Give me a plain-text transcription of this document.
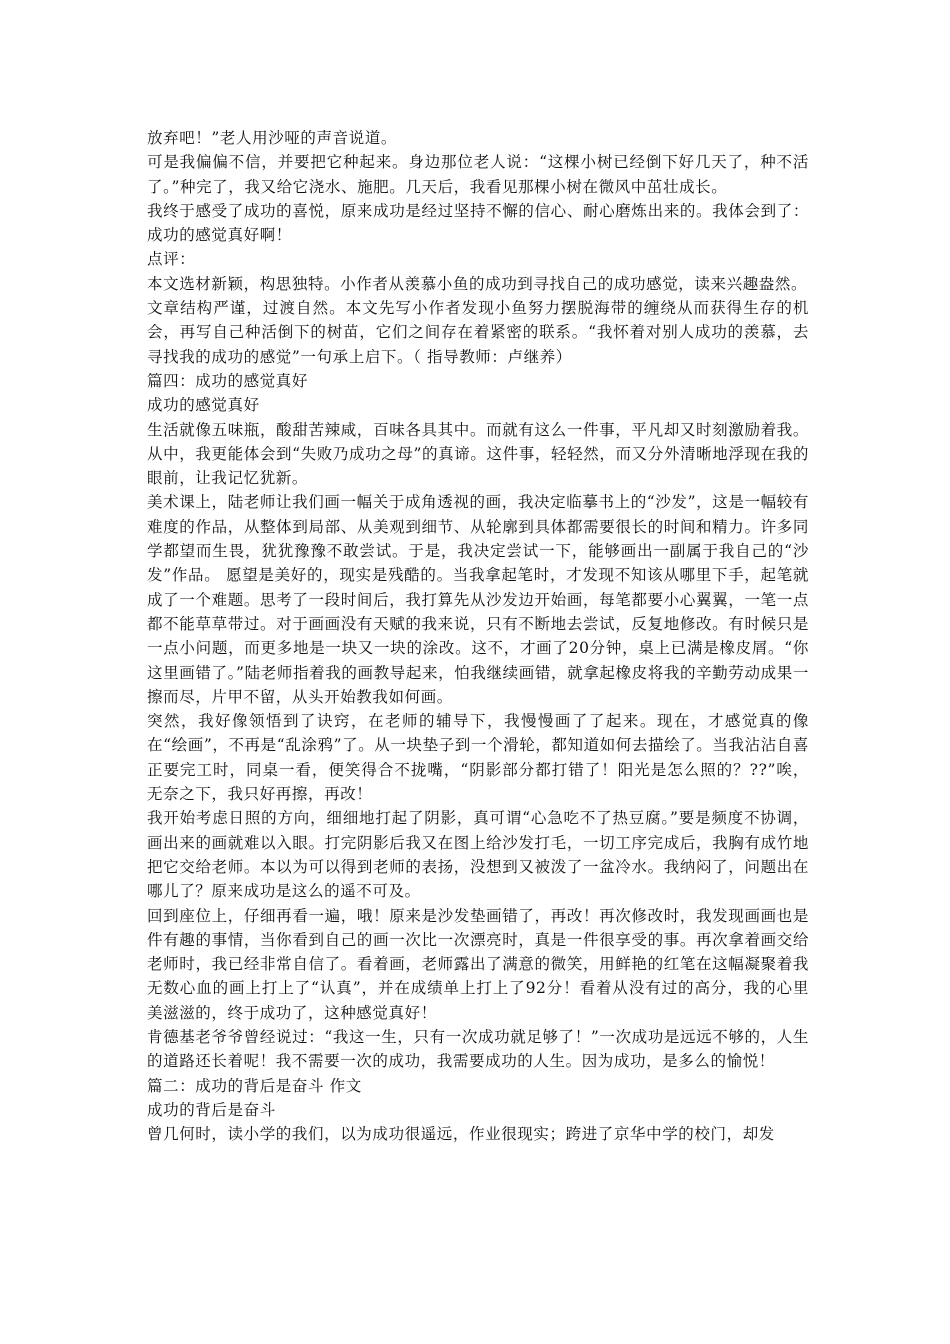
放弃吧！”老人用沙哑的声音说道。

可是我偏偏不信，并要把它种起来。身边那位老人说：“这棵小树已经倒下好几天了，种不活了。”种完了，我又给它浇水、施肥。几天后，我看见那棵小树在微风中茁壮成长。

我终于感受了成功的喜悦，原来成功是经过坚持不懈的信心、耐心磨炼出来的。我体会到了：成功的感觉真好啊！

点评：

本文选材新颖，构思独特。小作者从羡慕小鱼的成功到寻找自己的成功感觉，读来兴趣盎然。

文章结构严谨，过渡自然。本文先写小作者发现小鱼努力摆脱海带的缠绕从而获得生存的机会，再写自己种活倒下的树苗，它们之间存在着紧密的联系。“我怀着对别人成功的羡慕，去寻找我的成功的感觉”一句承上启下。（ 指导教师：卢继养）

篇四：成功的感觉真好

成功的感觉真好

生活就像五味瓶，酸甜苦辣咸，百味各具其中。而就有这么一件事，平凡却又时刻激励着我。从中，我更能体会到“失败乃成功之母”的真谛。这件事，轻轻然，而又分外清晰地浮现在我的眼前，让我记忆犹新。

美术课上，陆老师让我们画一幅关于成角透视的画，我决定临摹书上的“沙发”，这是一幅较有难度的作品，从整体到局部、从美观到细节、从轮廓到具体都需要很长的时间和精力。许多同学都望而生畏，犹犹豫豫不敢尝试。于是，我决定尝试一下，能够画出一副属于我自己的“沙发”作品。 愿望是美好的，现实是残酷的。当我拿起笔时，才发现不知该从哪里下手，起笔就成了一个难题。思考了一段时间后，我打算先从沙发边开始画，每笔都要小心翼翼，一笔一点都不能草草带过。对于画画没有天赋的我来说，只有不断地去尝试，反复地修改。有时候只是一点小问题，而更多地是一块又一块的涂改。这不，才画了20分钟，桌上已满是橡皮屑。“你这里画错了。”陆老师指着我的画教导起来，怕我继续画错，就拿起橡皮将我的辛勤劳动成果一擦而尽，片甲不留，从头开始教我如何画。

突然，我好像领悟到了诀窍，在老师的辅导下，我慢慢画了了起来。现在，才感觉真的像在“绘画”，不再是“乱涂鸦”了。从一块垫子到一个滑轮，都知道如何去描绘了。当我沾沾自喜正要完工时，同桌一看，便笑得合不拢嘴，“阴影部分都打错了！阳光是怎么照的？??”唉，无奈之下，我只好再擦，再改！

我开始考虑日照的方向，细细地打起了阴影，真可谓“心急吃不了热豆腐。”要是频度不协调，画出来的画就难以入眼。打完阴影后我又在图上给沙发打毛，一切工序完成后，我胸有成竹地把它交给老师。本以为可以得到老师的表扬，没想到又被泼了一盆冷水。我纳闷了，问题出在哪儿了？原来成功是这么的遥不可及。

回到座位上，仔细再看一遍，哦！原来是沙发垫画错了，再改！再次修改时，我发现画画也是件有趣的事情，当你看到自己的画一次比一次漂亮时，真是一件很享受的事。再次拿着画交给老师时，我已经非常自信了。看着画，老师露出了满意的微笑，用鲜艳的红笔在这幅凝聚着我无数心血的画上打上了“认真”，并在成绩单上打上了92分！看着从没有过的高分，我的心里美滋滋的，终于成功了，这种感觉真好！

肯德基老爷爷曾经说过：“我这一生，只有一次成功就足够了！”一次成功是远远不够的，人生的道路还长着呢！我不需要一次的成功，我需要成功的人生。因为成功，是多么的愉悦！

篇二：成功的背后是奋斗 作文

成功的背后是奋斗

曾几何时，读小学的我们，以为成功很遥远，作业很现实；跨进了京华中学的校门，却发
